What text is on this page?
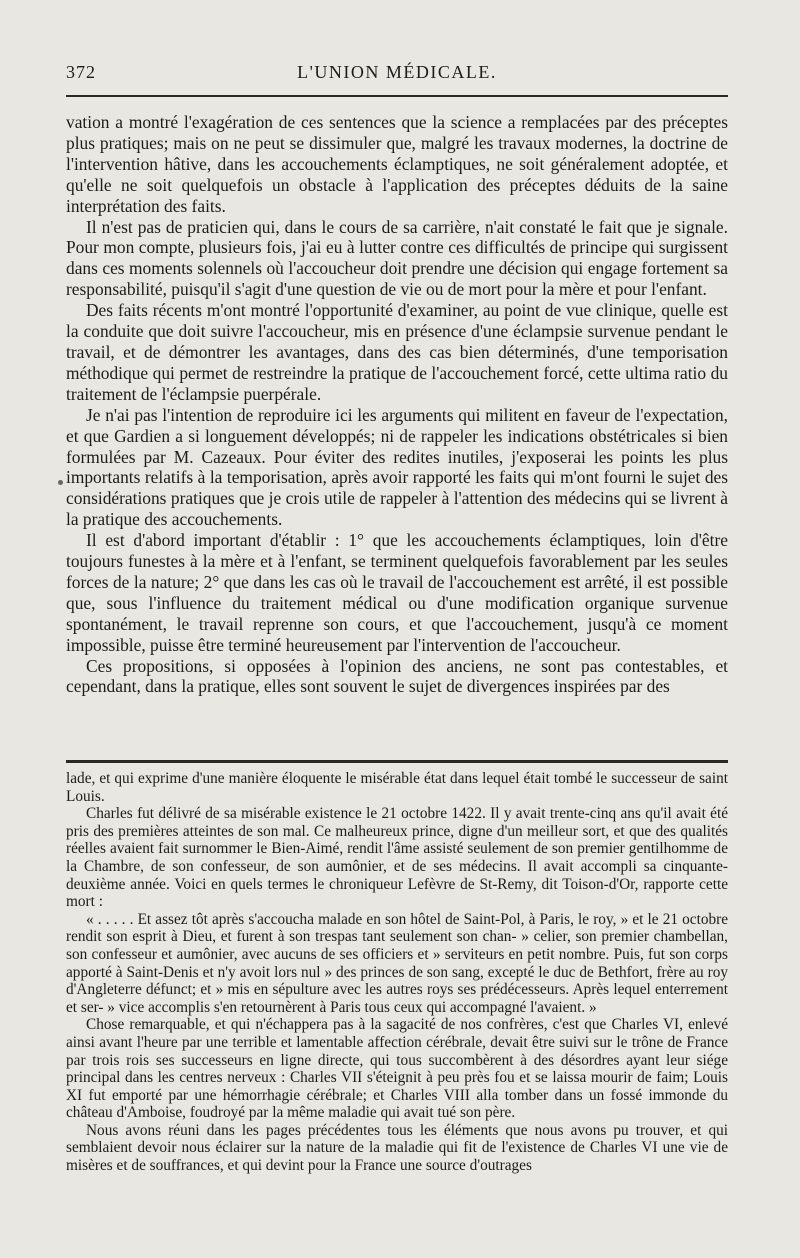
372	L'UNION MÉDICALE.

vation a montré l'exagération de ces sentences que la science a remplacées par des préceptes plus pratiques; mais on ne peut se dissimuler que, malgré les travaux modernes, la doctrine de l'intervention hâtive, dans les accouchements éclamptiques, ne soit généralement adoptée, et qu'elle ne soit quelquefois un obstacle à l'application des préceptes déduits de la saine interprétation des faits.

Il n'est pas de praticien qui, dans le cours de sa carrière, n'ait constaté le fait que je signale. Pour mon compte, plusieurs fois, j'ai eu à lutter contre ces difficultés de principe qui surgissent dans ces moments solennels où l'accoucheur doit prendre une décision qui engage fortement sa responsabilité, puisqu'il s'agit d'une question de vie ou de mort pour la mère et pour l'enfant.

Des faits récents m'ont montré l'opportunité d'examiner, au point de vue clinique, quelle est la conduite que doit suivre l'accoucheur, mis en présence d'une éclampsie survenue pendant le travail, et de démontrer les avantages, dans des cas bien déterminés, d'une temporisation méthodique qui permet de restreindre la pratique de l'accouchement forcé, cette ultima ratio du traitement de l'éclampsie puerpérale.

Je n'ai pas l'intention de reproduire ici les arguments qui militent en faveur de l'expectation, et que Gardien a si longuement développés; ni de rappeler les indications obstétricales si bien formulées par M. Cazeaux. Pour éviter des redites inutiles, j'exposerai les points les plus importants relatifs à la temporisation, après avoir rapporté les faits qui m'ont fourni le sujet des considérations pratiques que je crois utile de rappeler à l'attention des médecins qui se livrent à la pratique des accouchements.

Il est d'abord important d'établir : 1° que les accouchements éclamptiques, loin d'être toujours funestes à la mère et à l'enfant, se terminent quelquefois favorablement par les seules forces de la nature; 2° que dans les cas où le travail de l'accouchement est arrêté, il est possible que, sous l'influence du traitement médical ou d'une modification organique survenue spontanément, le travail reprenne son cours, et que l'accouchement, jusqu'à ce moment impossible, puisse être terminé heureusement par l'intervention de l'accoucheur.

Ces propositions, si opposées à l'opinion des anciens, ne sont pas contestables, et cependant, dans la pratique, elles sont souvent le sujet de divergences inspirées par des

lade, et qui exprime d'une manière éloquente le misérable état dans lequel était tombé le successeur de saint Louis.

Charles fut délivré de sa misérable existence le 21 octobre 1422. Il y avait trente-cinq ans qu'il avait été pris des premières atteintes de son mal. Ce malheureux prince, digne d'un meilleur sort, et que des qualités réelles avaient fait surnommer le Bien-Aimé, rendit l'âme assisté seulement de son premier gentilhomme de la Chambre, de son confesseur, de son aumônier, et de ses médecins. Il avait accompli sa cinquante-deuxième année. Voici en quels termes le chroniqueur Lefèvre de St-Remy, dit Toison-d'Or, rapporte cette mort :

« . . . . . Et assez tôt après s'accoucha malade en son hôtel de Saint-Pol, à Paris, le roy, » et le 21 octobre rendit son esprit à Dieu, et furent à son trespas tant seulement son chan- » celier, son premier chambellan, son confesseur et aumônier, avec aucuns de ses officiers et » serviteurs en petit nombre. Puis, fut son corps apporté à Saint-Denis et n'y avoit lors nul » des princes de son sang, excepté le duc de Bethfort, frère au roy d'Angleterre défunct; et » mis en sépulture avec les autres roys ses prédécesseurs. Après lequel enterrement et ser- » vice accomplis s'en retournèrent à Paris tous ceux qui accompagné l'avaient. »

Chose remarquable, et qui n'échappera pas à la sagacité de nos confrères, c'est que Charles VI, enlevé ainsi avant l'heure par une terrible et lamentable affection cérébrale, devait être suivi sur le trône de France par trois rois ses successeurs en ligne directe, qui tous succombèrent à des désordres ayant leur siége principal dans les centres nerveux : Charles VII s'éteignit à peu près fou et se laissa mourir de faim; Louis XI fut emporté par une hémorrhagie cérébrale; et Charles VIII alla tomber dans un fossé immonde du château d'Amboise, foudroyé par la même maladie qui avait tué son père.

Nous avons réuni dans les pages précédentes tous les éléments que nous avons pu trouver, et qui semblaient devoir nous éclairer sur la nature de la maladie qui fit de l'existence de Charles VI une vie de misères et de souffrances, et qui devint pour la France une source d'outrages
